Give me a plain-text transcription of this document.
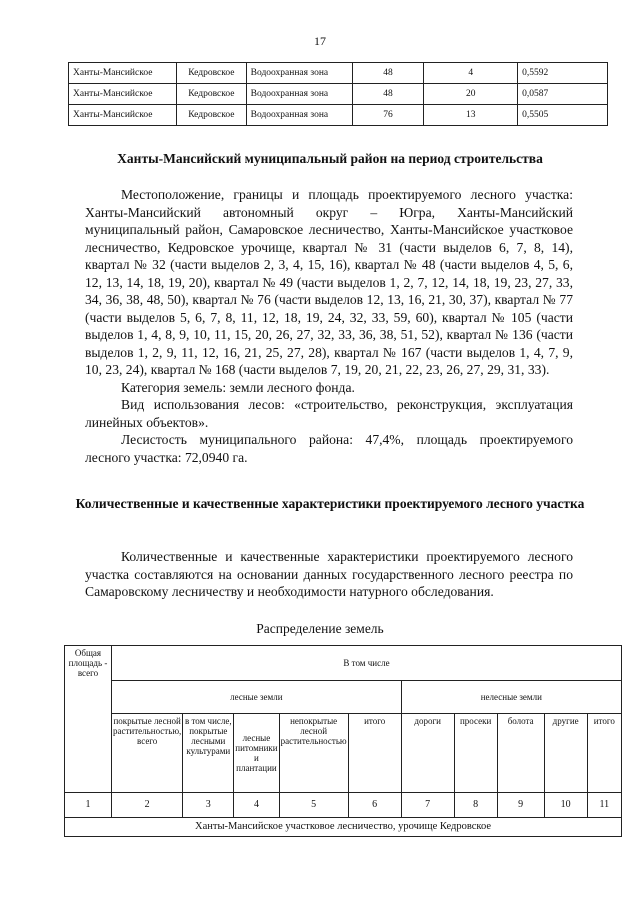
17
Ханты-Мансийское	Кедровское	Водоохранная зона	48	4	0,5592
Ханты-Мансийское	Кедровское	Водоохранная зона	48	20	0,0587
Ханты-Мансийское	Кедровское	Водоохранная зона	76	13	0,5505
Ханты-Мансийский муниципальный район на период строительства
Местоположение, границы и площадь проектируемого лесного участка: Ханты-Мансийский автономный округ – Югра, Ханты-Мансийский муниципальный район, Самаровское лесничество, Ханты-Мансийское участковое лесничество, Кедровское урочище, квартал № 31 (части выделов 6, 7, 8, 14), квартал № 32 (части выделов 2, 3, 4, 15, 16), квартал № 48 (части выделов 4, 5, 6, 12, 13, 14, 18, 19, 20), квартал № 49 (части выделов 1, 2, 7, 12, 14, 18, 19, 23, 27, 33, 34, 36, 38, 48, 50), квартал № 76 (части выделов 12, 13, 16, 21, 30, 37), квартал № 77 (части выделов 5, 6, 7, 8, 11, 12, 18, 19, 24, 32, 33, 59, 60), квартал № 105 (части выделов 1, 4, 8, 9, 10, 11, 15, 20, 26, 27, 32, 33, 36, 38, 51, 52), квартал № 136 (части выделов 1, 2, 9, 11, 12, 16, 21, 25, 27, 28), квартал № 167 (части выделов 1, 4, 7, 9, 10, 23, 24), квартал № 168 (части выделов 7, 19, 20, 21, 22, 23, 26, 27, 29, 31, 33).
Категория земель: земли лесного фонда.
Вид использования лесов: «строительство, реконструкция, эксплуатация линейных объектов».
Лесистость муниципального района: 47,4%, площадь проектируемого лесного участка: 72,0940 га.
Количественные и качественные характеристики проектируемого лесного участка
Количественные и качественные характеристики проектируемого лесного участка составляются на основании данных государственного лесного реестра по Самаровскому лесничеству и необходимости натурного обследования.
Распределение земель
Общая площадь - всего	В том числе									
	лесные земли					нелесные земли				
	покрытые лесной растительностью, всего	в том числе, покрытые лесными культурами	лесные питомники и плантации	непокрытые лесной растительностью	итого	дороги	просеки	болота	другие	итого
1	2	3	4	5	6	7	8	9	10	11
Ханты-Мансийское участковое лесничество, урочище Кедровское										
